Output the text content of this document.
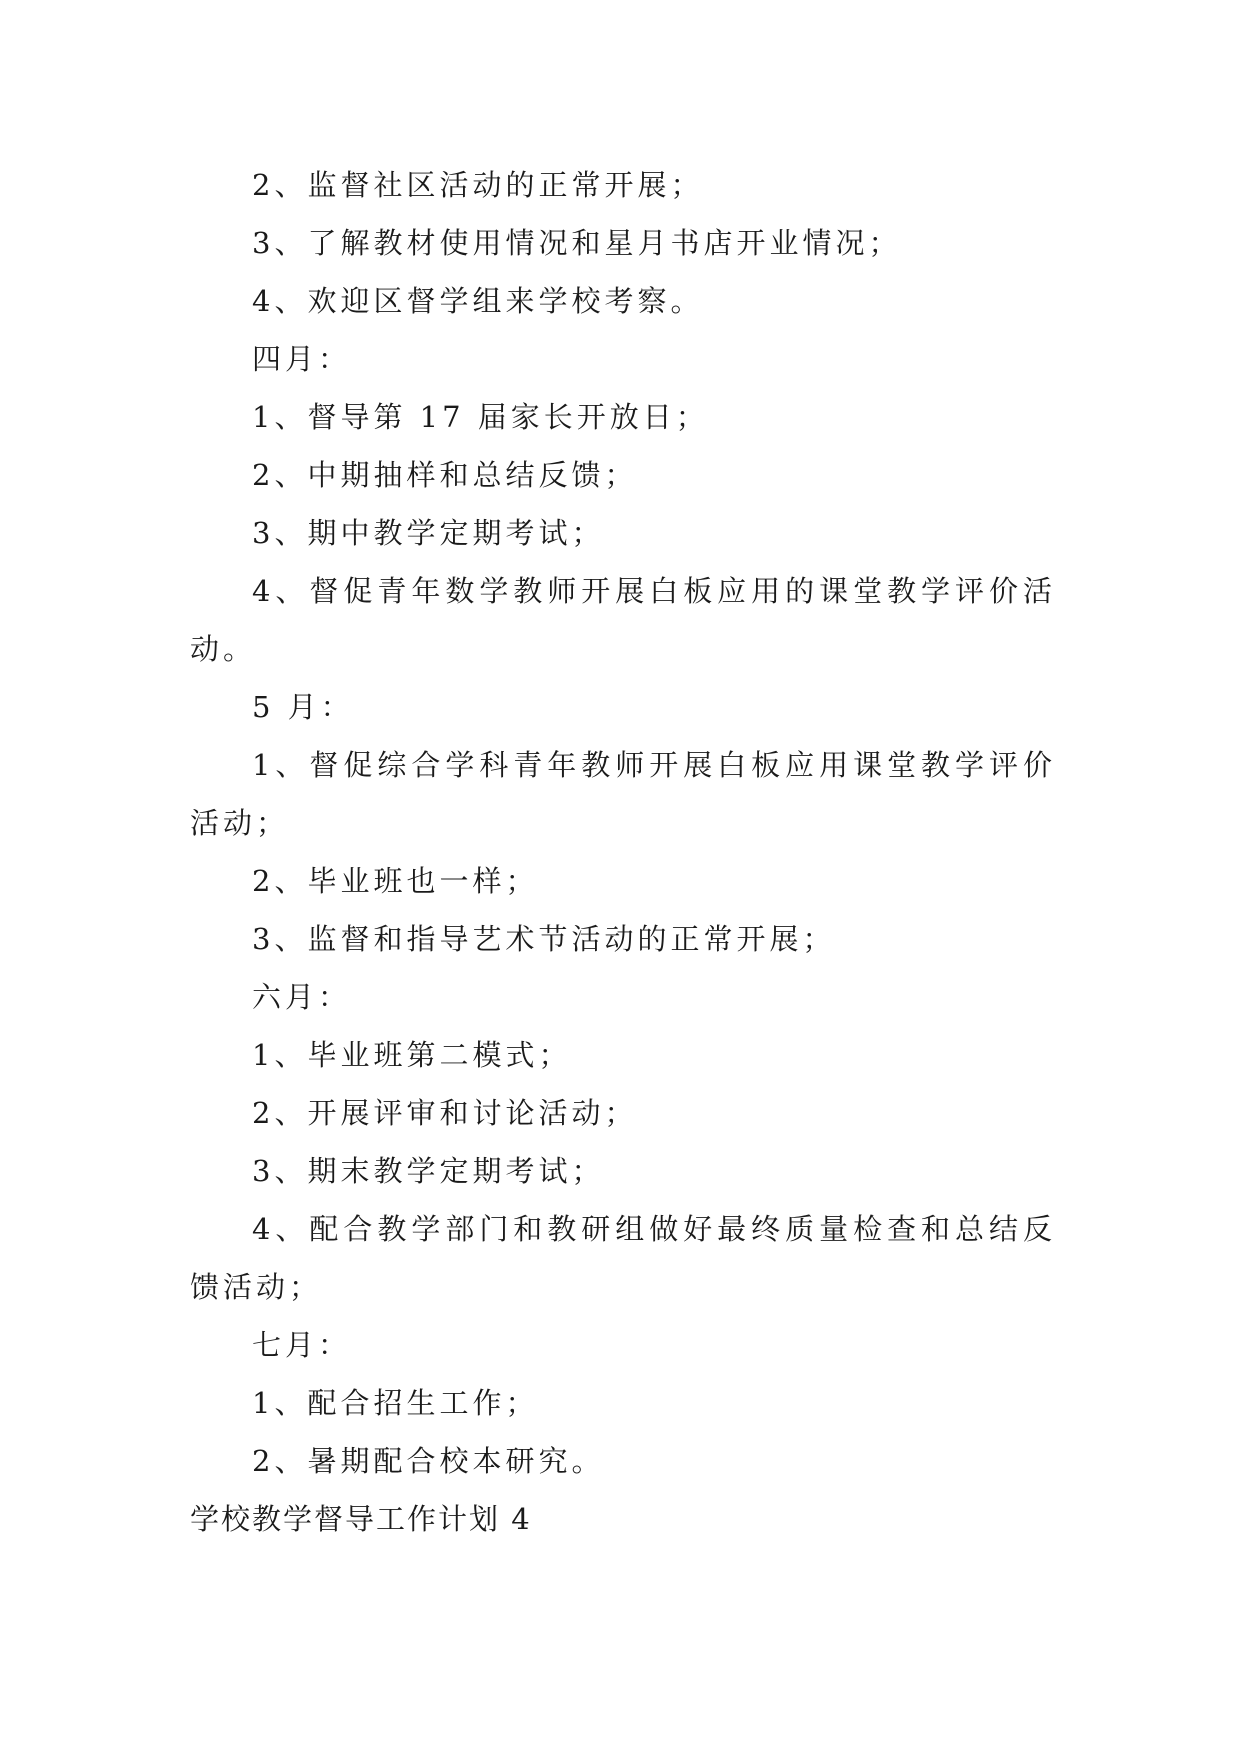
2、监督社区活动的正常开展；
3、了解教材使用情况和星月书店开业情况；
4、欢迎区督学组来学校考察。
四月：
1、督导第 17 届家长开放日；
2、中期抽样和总结反馈；
3、期中教学定期考试；
4、督促青年数学教师开展白板应用的课堂教学评价活
动。
5 月：
1、督促综合学科青年教师开展白板应用课堂教学评价
活动；
2、毕业班也一样；
3、监督和指导艺术节活动的正常开展；
六月：
1、毕业班第二模式；
2、开展评审和讨论活动；
3、期末教学定期考试；
4、配合教学部门和教研组做好最终质量检查和总结反
馈活动；
七月：
1、配合招生工作；
2、暑期配合校本研究。
学校教学督导工作计划 4
